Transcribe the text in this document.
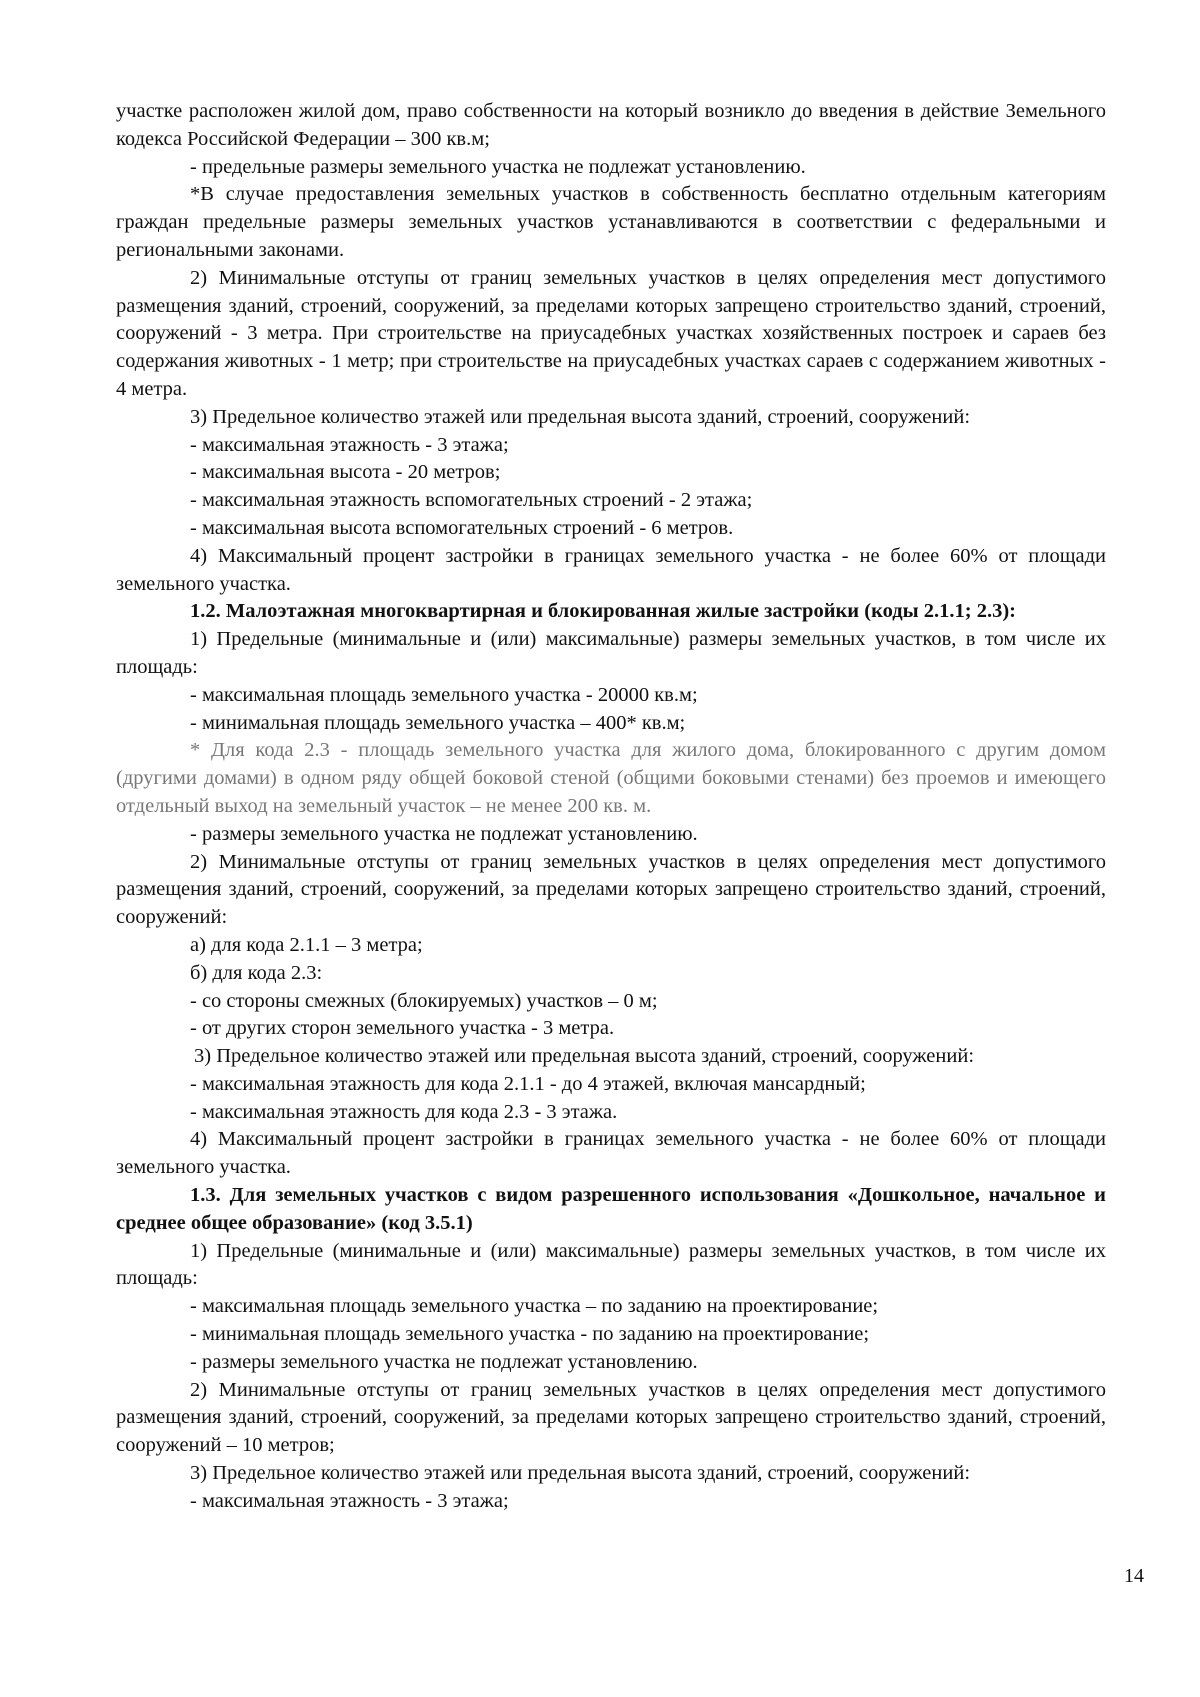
участке расположен жилой дом, право собственности на который возникло до введения в действие Земельного кодекса Российской Федерации – 300 кв.м;

- предельные размеры земельного участка не подлежат установлению.

*В случае предоставления земельных участков в собственность бесплатно отдельным категориям граждан предельные размеры земельных участков устанавливаются в соответствии с федеральными и региональными законами.

2) Минимальные отступы от границ земельных участков в целях определения мест допустимого размещения зданий, строений, сооружений, за пределами которых запрещено строительство зданий, строений, сооружений - 3 метра. При строительстве на приусадебных участках хозяйственных построек и сараев без содержания животных - 1 метр; при строительстве на приусадебных участках сараев с содержанием животных - 4 метра.

3) Предельное количество этажей или предельная высота зданий, строений, сооружений:

- максимальная этажность - 3 этажа;

- максимальная высота - 20 метров;

- максимальная этажность вспомогательных строений - 2 этажа;

- максимальная высота вспомогательных строений - 6 метров.

4) Максимальный процент застройки в границах земельного участка - не более 60% от площади земельного участка.

1.2. Малоэтажная многоквартирная и блокированная жилые застройки (коды 2.1.1; 2.3):

1) Предельные (минимальные и (или) максимальные) размеры земельных участков, в том числе их площадь:

- максимальная площадь земельного участка - 20000 кв.м;

- минимальная площадь земельного участка – 400* кв.м;

* Для кода 2.3 - площадь земельного участка для жилого дома, блокированного с другим домом (другими домами) в одном ряду общей боковой стеной (общими боковыми стенами) без проемов и имеющего отдельный выход на земельный участок – не менее 200 кв. м.

- размеры земельного участка не подлежат установлению.

2) Минимальные отступы от границ земельных участков в целях определения мест допустимого размещения зданий, строений, сооружений, за пределами которых запрещено строительство зданий, строений, сооружений:

а) для кода 2.1.1 – 3 метра;

б) для кода 2.3:

- со стороны смежных (блокируемых) участков – 0 м;

- от других сторон земельного участка - 3 метра.

3) Предельное количество этажей или предельная высота зданий, строений, сооружений:

- максимальная этажность для кода 2.1.1 - до 4 этажей, включая мансардный;

- максимальная этажность для кода 2.3 - 3 этажа.

4) Максимальный процент застройки в границах земельного участка - не более 60% от площади земельного участка.

1.3. Для земельных участков с видом разрешенного использования «Дошкольное, начальное и среднее общее образование» (код 3.5.1)

1) Предельные (минимальные и (или) максимальные) размеры земельных участков, в том числе их площадь:

- максимальная площадь земельного участка – по заданию на проектирование;

- минимальная площадь земельного участка - по заданию на проектирование;

- размеры земельного участка не подлежат установлению.

2) Минимальные отступы от границ земельных участков в целях определения мест допустимого размещения зданий, строений, сооружений, за пределами которых запрещено строительство зданий, строений, сооружений – 10 метров;

3) Предельное количество этажей или предельная высота зданий, строений, сооружений:

- максимальная этажность - 3 этажа;

14
